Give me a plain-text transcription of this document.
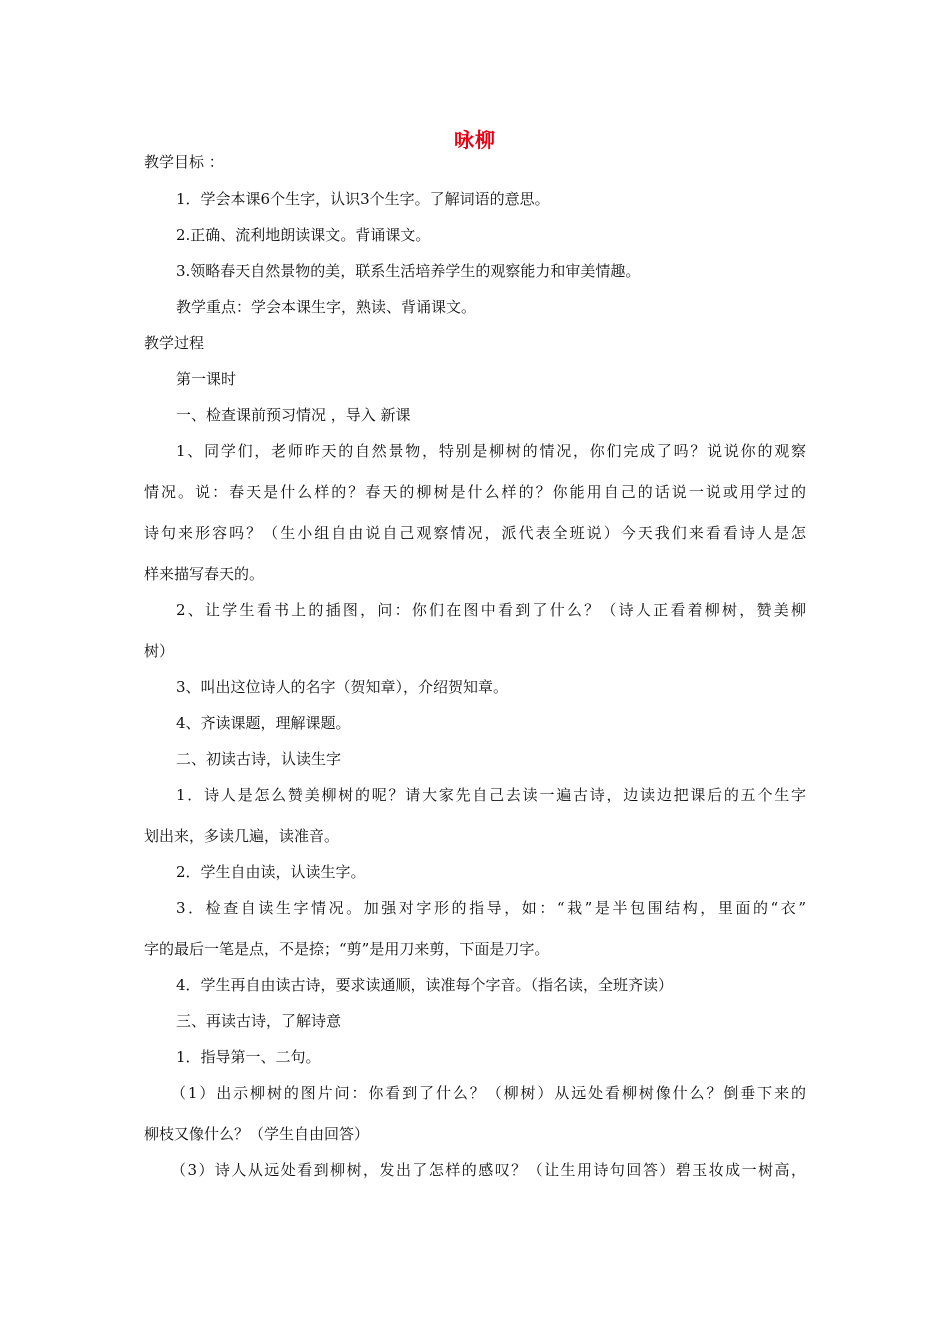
咏柳
教学目标 ：
1．学会本课6个生字，认识3个生字。了解词语的意思。
2.正确、流利地朗读课文。背诵课文。
3.领略春天自然景物的美，联系生活培养学生的观察能力和审美情趣。
教学重点：学会本课生字，熟读、背诵课文。
教学过程
第一课时
一、检查课前预习情况 ，导入 新课
1、同学们，老师昨天的自然景物，特别是柳树的情况，你们完成了吗？说说你的观察
情况。说：春天是什么样的？春天的柳树是什么样的？你能用自己的话说一说或用学过的
诗句来形容吗？（生小组自由说自己观察情况，派代表全班说）今天我们来看看诗人是怎
样来描写春天的。
2、让学生看书上的插图，问：你们在图中看到了什么？（诗人正看着柳树，赞美柳
树）
3、叫出这位诗人的名字（贺知章），介绍贺知章。
4、齐读课题，理解课题。
二、初读古诗，认读生字
1．诗人是怎么赞美柳树的呢？请大家先自己去读一遍古诗，边读边把课后的五个生字
划出来，多读几遍，读准音。
2．学生自由读，认读生字。
3．检查自读生字情况。加强对字形的指导，如：“栽”是半包围结构，里面的“衣”
字的最后一笔是点，不是捺；“剪”是用刀来剪，下面是刀字。
4．学生再自由读古诗，要求读通顺，读准每个字音。（指名读，全班齐读）
三、再读古诗，了解诗意
1．指导第一、二句。
（1）出示柳树的图片问：你看到了什么？（柳树）从远处看柳树像什么？倒垂下来的
柳枝又像什么？（学生自由回答）
（3）诗人从远处看到柳树，发出了怎样的感叹？（让生用诗句回答）碧玉妆成一树高，
